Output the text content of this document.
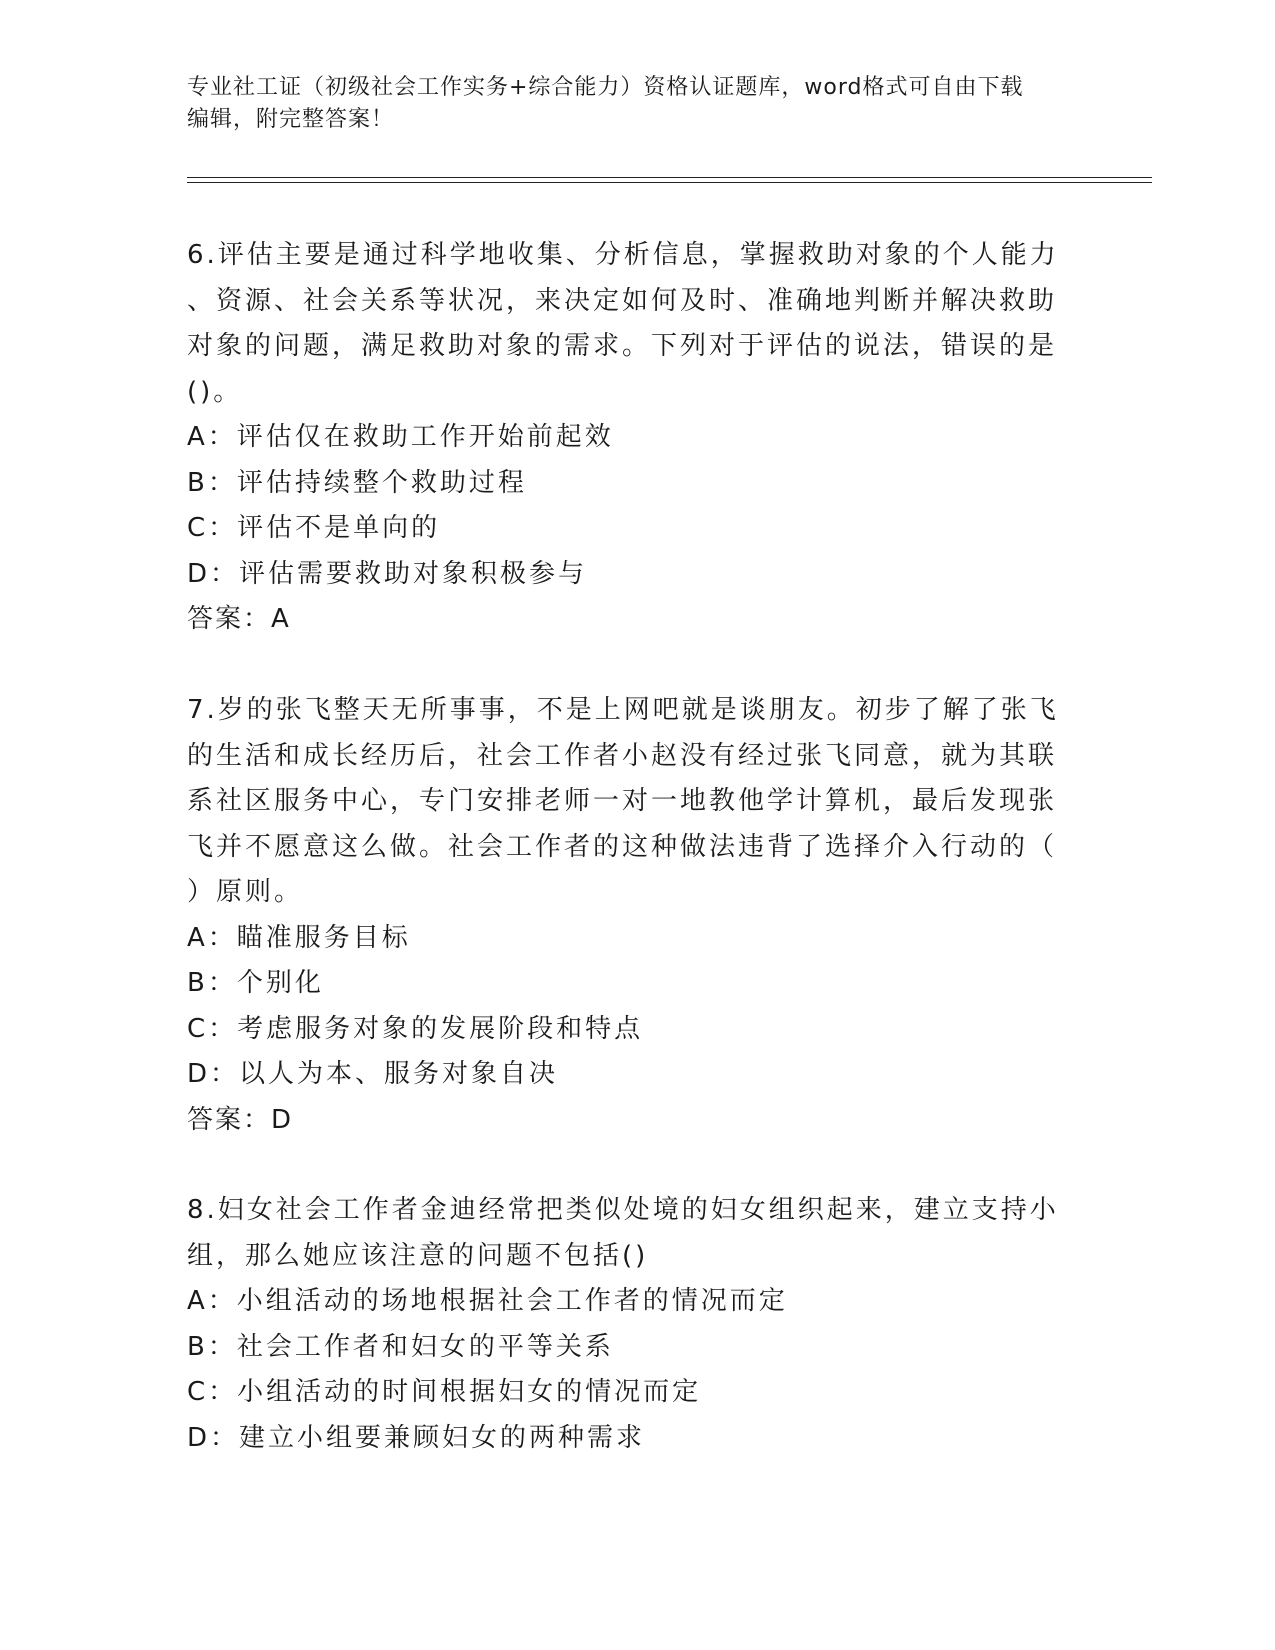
专业社工证（初级社会工作实务+综合能力）资格认证题库，word格式可自由下载
编辑，附完整答案！

6.评估主要是通过科学地收集、分析信息，掌握救助对象的个人能力

、资源、社会关系等状况，来决定如何及时、准确地判断并解决救助

对象的问题，满足救助对象的需求。下列对于评估的说法，错误的是

()。

A：评估仅在救助工作开始前起效

B：评估持续整个救助过程

C：评估不是单向的

D：评估需要救助对象积极参与

答案：A

7.岁的张飞整天无所事事，不是上网吧就是谈朋友。初步了解了张飞

的生活和成长经历后，社会工作者小赵没有经过张飞同意，就为其联

系社区服务中心，专门安排老师一对一地教他学计算机，最后发现张

飞并不愿意这么做。社会工作者的这种做法违背了选择介入行动的（

）原则。

A：瞄准服务目标

B：个别化

C：考虑服务对象的发展阶段和特点

D：以人为本、服务对象自决

答案：D

8.妇女社会工作者金迪经常把类似处境的妇女组织起来，建立支持小

组，那么她应该注意的问题不包括()

A：小组活动的场地根据社会工作者的情况而定

B：社会工作者和妇女的平等关系

C：小组活动的时间根据妇女的情况而定

D：建立小组要兼顾妇女的两种需求
